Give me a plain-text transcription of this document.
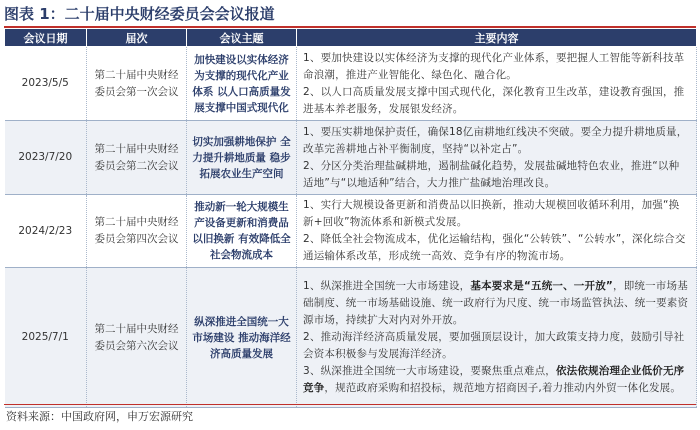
图表 1：二十届中央财经委员会会议报道
会议日期	届次	会议主题	主要内容
2023/5/5	第二十届中央财经委员会第一次会议	加快建设以实体经济为支撑的现代化产业体系 以人口高质量发展支撑中国式现代化	1、要加快建设以实体经济为支撑的现代化产业体系，要把握人工智能等新科技革命浪潮，推进产业智能化、绿色化、融合化。
2、以人口高质量发展支撑中国式现代化，深化教育卫生改革，建设教育强国，推进基本养老服务，发展银发经济。

2023/7/20	第二十届中央财经委员会第二次会议	切实加强耕地保护 全力提升耕地质量 稳步拓展农业生产空间	1、要压实耕地保护责任，确保18亿亩耕地红线决不突破。要全力提升耕地质量，改革完善耕地占补平衡制度，坚持“以补定占”。
2、分区分类治理盐碱耕地，遏制盐碱化趋势，发展盐碱地特色农业，推进“以种适地”与“以地适种”结合，大力推广盐碱地治理改良。

2024/2/23	第二十届中央财经委员会第四次会议	推动新一轮大规模生产设备更新和消费品以旧换新 有效降低全社会物流成本	1、实行大规模设备更新和消费品以旧换新，推动大规模回收循环利用，加强“换新+回收”物流体系和新模式发展。
2、降低全社会物流成本，优化运输结构，强化“公转铁”、“公转水”，深化综合交通运输体系改革，形成统一高效、竞争有序的物流市场。

2025/7/1	第二十届中央财经委员会第六次会议	纵深推进全国统一大市场建设 推动海洋经济高质量发展	1、纵深推进全国统一大市场建设，基本要求是“五统一、一开放”，即统一市场基础制度、统一市场基础设施、统一政府行为尺度、统一市场监管执法、统一要素资源市场，持续扩大对内对外开放。
2、推动海洋经济高质量发展，要加强顶层设计，加大政策支持力度，鼓励引导社会资本积极参与发展海洋经济。
3、纵深推进全国统一大市场建设，要聚焦重点难点，依法依规治理企业低价无序竞争，规范政府采购和招投标，规范地方招商因子,着力推动内外贸一体化发展。
资料来源：中国政府网，申万宏源研究
